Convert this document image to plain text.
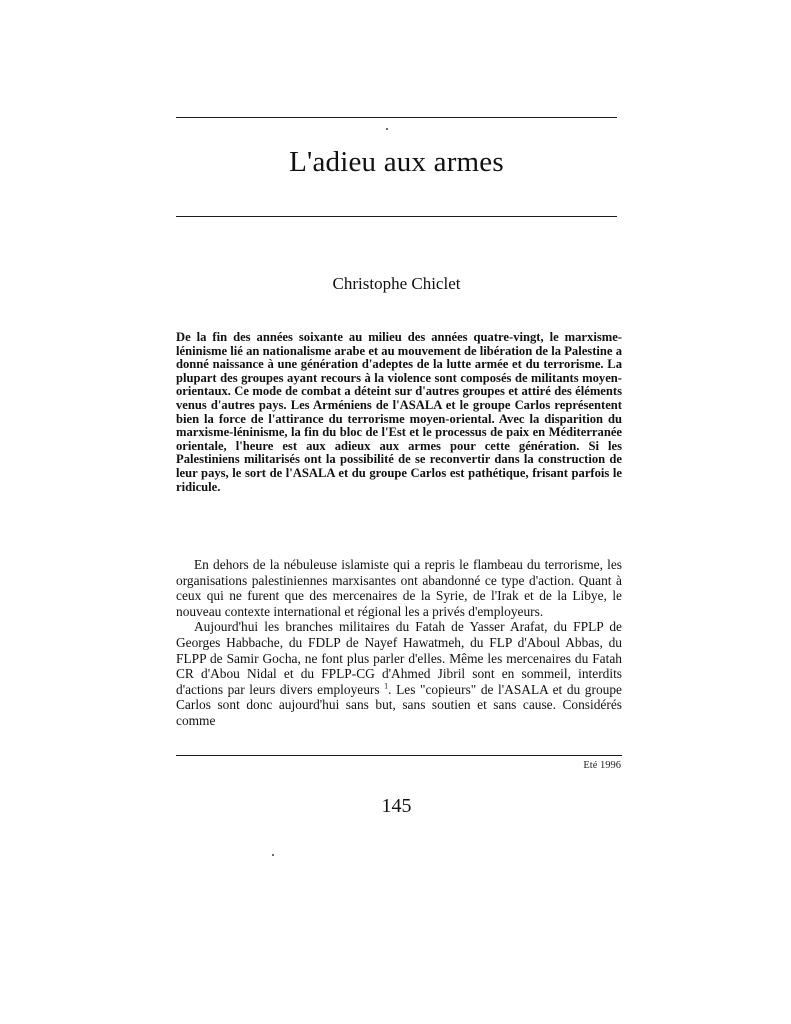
L'adieu aux armes
Christophe Chiclet

De la fin des années soixante au milieu des années quatre-vingt, le marxisme-léninisme lié an nationalisme arabe et au mouvement de libération de la Palestine a donné naissance à une génération d'adeptes de la lutte armée et du terrorisme. La plupart des groupes ayant recours à la violence sont composés de militants moyen-orientaux. Ce mode de combat a déteint sur d'autres groupes et attiré des éléments venus d'autres pays. Les Arméniens de l'ASALA et le groupe Carlos représentent bien la force de l'attirance du terrorisme moyen-oriental. Avec la disparition du marxisme-léninisme, la fin du bloc de l'Est et le processus de paix en Méditerranée orientale, l'heure est aux adieux aux armes pour cette génération. Si les Palestiniens militarisés ont la possibilité de se reconvertir dans la construction de leur pays, le sort de l'ASALA et du groupe Carlos est pathétique, frisant parfois le ridicule.

En dehors de la nébuleuse islamiste qui a repris le flambeau du terrorisme, les organisations palestiniennes marxisantes ont abandonné ce type d'action. Quant à ceux qui ne furent que des mercenaires de la Syrie, de l'Irak et de la Libye, le nouveau contexte international et régional les a privés d'employeurs.

Aujourd'hui les branches militaires du Fatah de Yasser Arafat, du FPLP de Georges Habbache, du FDLP de Nayef Hawatmeh, du FLP d'Aboul Abbas, du FLPP de Samir Gocha, ne font plus parler d'elles. Même les mercenaires du Fatah CR d'Abou Nidal et du FPLP-CG d'Ahmed Jibril sont en sommeil, interdits d'actions par leurs divers employeurs $^1$. Les "copieurs" de l'ASALA et du groupe Carlos sont donc aujourd'hui sans but, sans soutien et sans cause. Considérés comme

Eté 1996
145
